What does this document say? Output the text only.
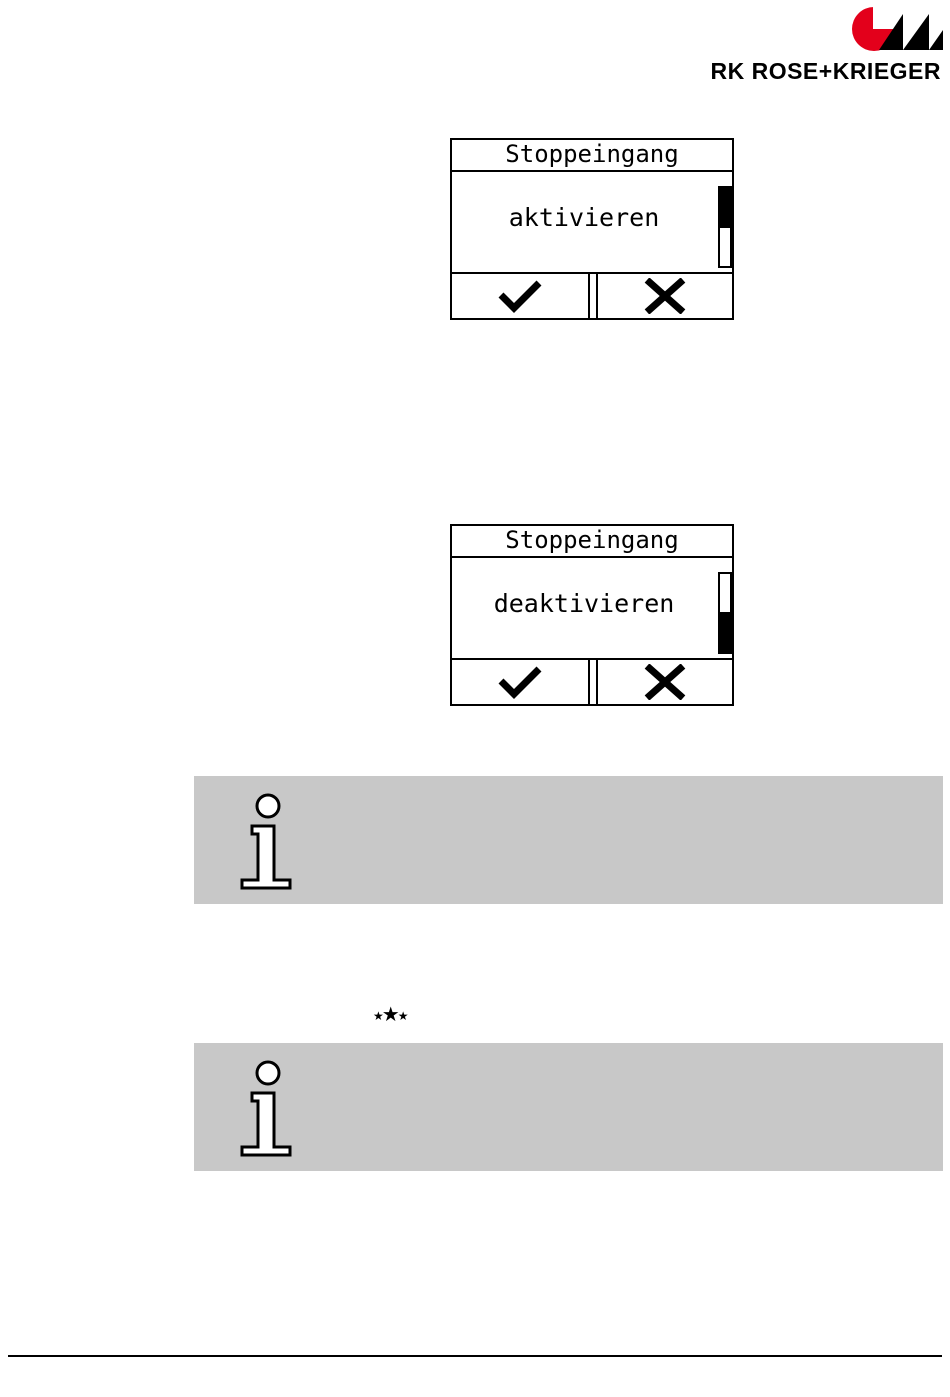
RK ROSE+KRIEGER
Stoppeingang
aktivieren
Stoppeingang
deaktivieren
★★★
